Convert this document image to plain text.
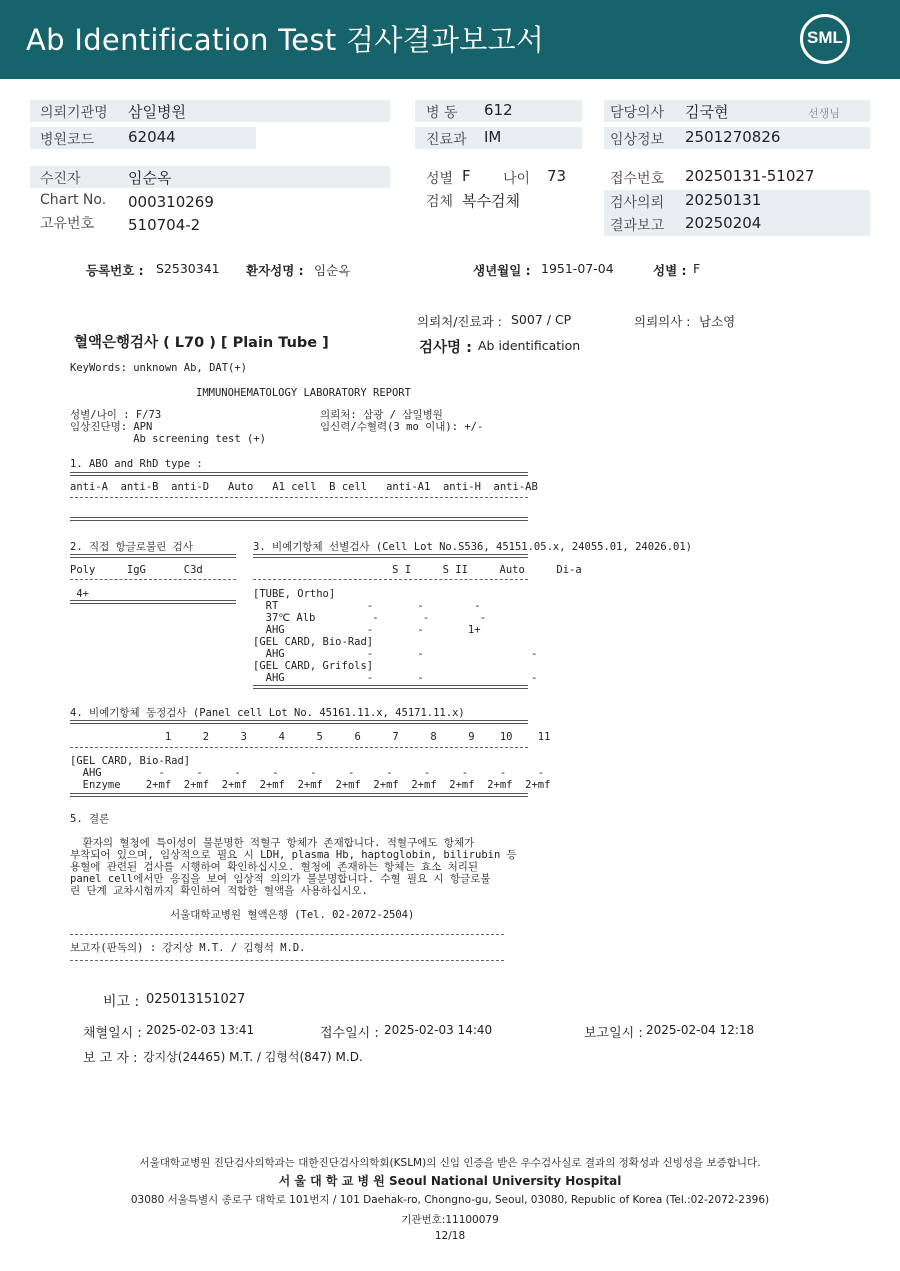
Ab Identification Test 검사결과보고서	SML
의뢰기관명 삼일병원
병원코드 62044
수진자	임순옥
Chart No. 000310269
고유번호 510704-2
병 동 612
진료과 IM
성별 F 나이 73
검체 복수검체
담당의사 김국현	선생님
임상정보 2501270826
접수번호 20250131-51027
검사의뢰 20250131
결과보고 20250204
등록번호 : S2530341 환자성명 : 임순옥	생년월일 : 1951-07-04	성별 : F
의뢰처/진료과 : S007 / CP	의뢰의사 : 남소영
혈액은행검사 ( L70 ) [ Plain Tube ]	검사명 : Ab identification
KeyWords: unknown Ab, DAT(+)
IMMUNOHEMATOLOGY LABORATORY REPORT
성별/나이 : F/73
임상진단명: APN
Ab screening test (+)
의뢰처: 삼광 / 삼일병원
임신력/수혈력(3 mo 이내): +/-
1. ABO and RhD type :
anti-A  anti-B  anti-D   Auto   A1 cell  B cell   anti-A1  anti-H  anti-AB
2. 직접 항글로불린 검사
Poly     IgG      C3d
4+
3. 비예기항체 선별검사 (Cell Lot No.S536, 45151.05.x, 24055.01, 24026.01)
S I     S II     Auto     Di-a
[TUBE, Ortho]
RT              -       -        -
37℃ Alb         -       -        -
AHG             -       -       1+
[GEL CARD, Bio-Rad]
AHG             -       -                 -
[GEL CARD, Grifols]
AHG             -       -                 -
4. 비예기항체 동정검사 (Panel cell Lot No. 45161.11.x, 45171.11.x)
1     2     3     4     5     6     7     8     9    10    11
[GEL CARD, Bio-Rad]
AHG         -     -     -     -     -     -     -     -     -     -     -
Enzyme    2+mf  2+mf  2+mf  2+mf  2+mf  2+mf  2+mf  2+mf  2+mf  2+mf  2+mf
5. 결론
환자의 혈청에 특이성이 불분명한 적혈구 항체가 존재합니다. 적혈구에도 항체가
부착되어 있으며, 임상적으로 필요 시 LDH, plasma Hb, haptoglobin, bilirubin 등
용혈에 관련된 검사를 시행하여 확인하십시오. 혈청에 존재하는 항체는 효소 처리된
panel cell에서만 응집을 보여 임상적 의의가 불분명합니다. 수혈 필요 시 항글로불
린 단계 교차시험까지 확인하여 적합한 혈액을 사용하십시오.
서울대학교병원 혈액은행 (Tel. 02-2072-2504)
보고자(판독의) : 강지상 M.T. / 김형석 M.D.
비고 : 025013151027
채혈일시 : 2025-02-03 13:41	접수일시 : 2025-02-03 14:40	보고일시 : 2025-02-04 12:18
보 고 자 : 강지상(24465) M.T. / 김형석(847) M.D.
서울대학교병원 진단검사의학과는 대한진단검사의학회(KSLM)의 신임 인증을 받은 우수검사실로 결과의 정확성과 신빙성을 보증합니다.
서 울 대 학 교 병 원 Seoul National University Hospital
03080 서울특별시 종로구 대학로 101번지 / 101 Daehak-ro, Chongno-gu, Seoul, 03080, Republic of Korea (Tel.:02-2072-2396)
기관번호:11100079
12/18
